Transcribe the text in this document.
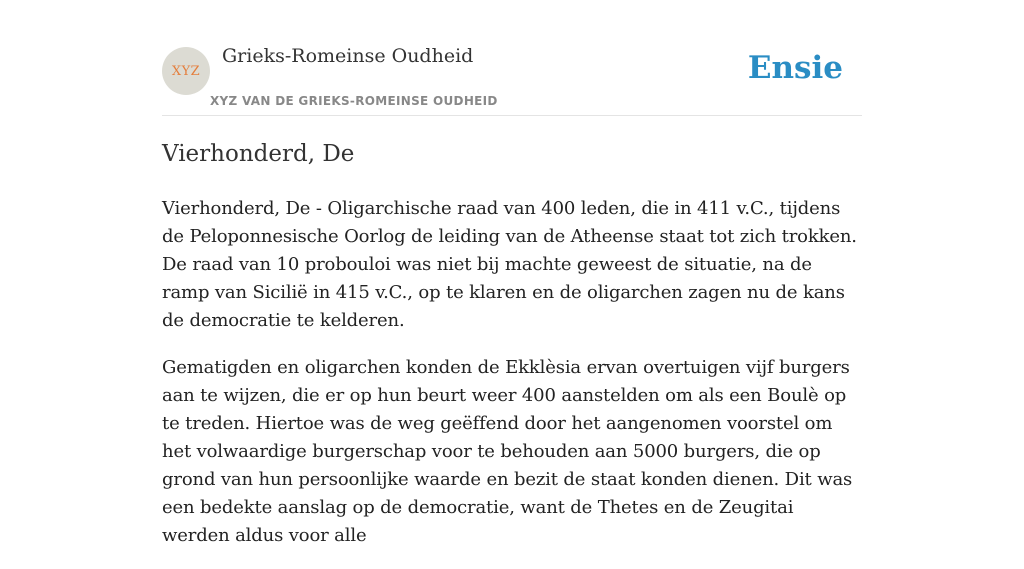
XYZ
Grieks-Romeinse Oudheid
XYZ VAN DE GRIEKS-ROMEINSE OUDHEID
Ensie
Vierhonderd, De

Vierhonderd, De - Oligarchische raad van 400 leden, die in 411 v.C., tijdens de Peloponnesische Oorlog de leiding van de Atheense staat tot zich trokken. De raad van 10 probouloi was niet bij machte geweest de situatie, na de ramp van Sicilië in 415 v.C., op te klaren en de oligarchen zagen nu de kans de democratie te kelderen.

Gematigden en oligarchen konden de Ekklèsia ervan overtuigen vijf burgers aan te wijzen, die er op hun beurt weer 400 aanstelden om als een Boulè op te treden. Hiertoe was de weg geëffend door het aangenomen voorstel om het volwaardige burgerschap voor te behouden aan 5000 burgers, die op grond van hun persoonlijke waarde en bezit de staat konden dienen. Dit was een bedekte aanslag op de democratie, want de Thetes en de Zeugitai werden aldus voor alle
